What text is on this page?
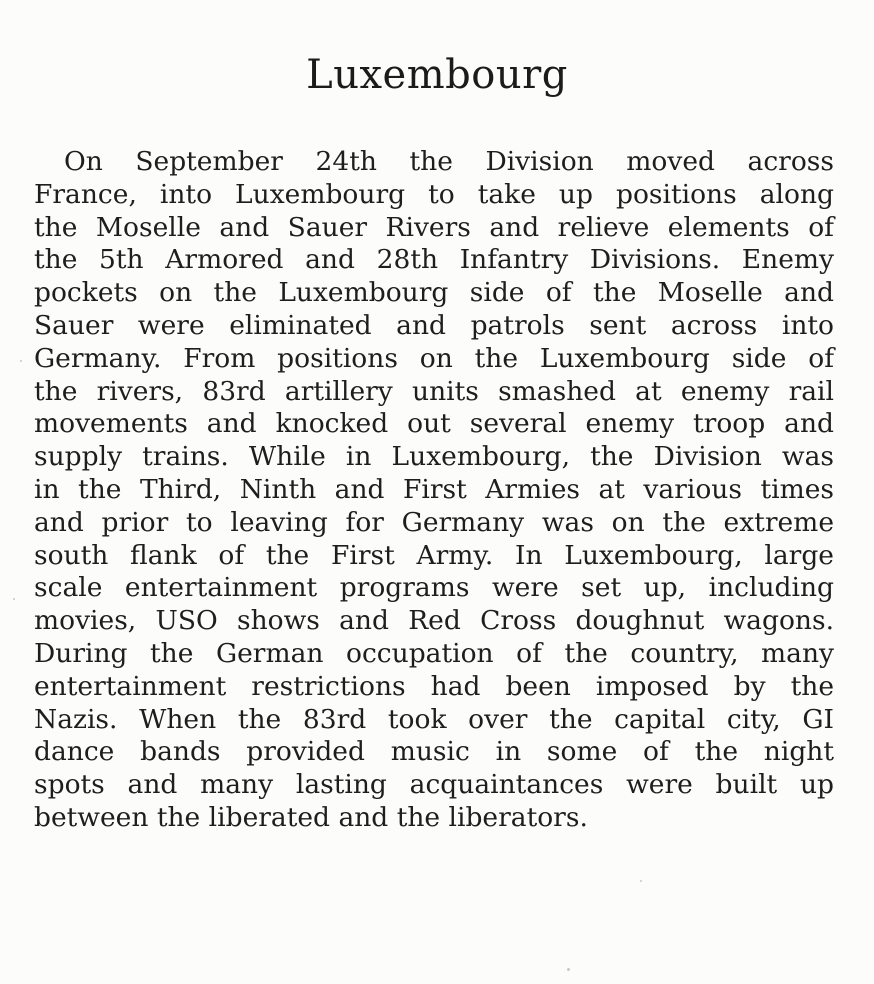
Luxembourg
On September 24th the Division moved across
France, into Luxembourg to take up positions along
the Moselle and Sauer Rivers and relieve elements of
the 5th Armored and 28th Infantry Divisions. Enemy
pockets on the Luxembourg side of the Moselle and
Sauer were eliminated and patrols sent across into
Germany. From positions on the Luxembourg side of
the rivers, 83rd artillery units smashed at enemy rail
movements and knocked out several enemy troop and
supply trains. While in Luxembourg, the Division was
in the Third, Ninth and First Armies at various times
and prior to leaving for Germany was on the extreme
south flank of the First Army. In Luxembourg, large
scale entertainment programs were set up, including
movies, USO shows and Red Cross doughnut wagons.
During the German occupation of the country, many
entertainment restrictions had been imposed by the
Nazis. When the 83rd took over the capital city, GI
dance bands provided music in some of the night
spots and many lasting acquaintances were built up
between the liberated and the liberators.
